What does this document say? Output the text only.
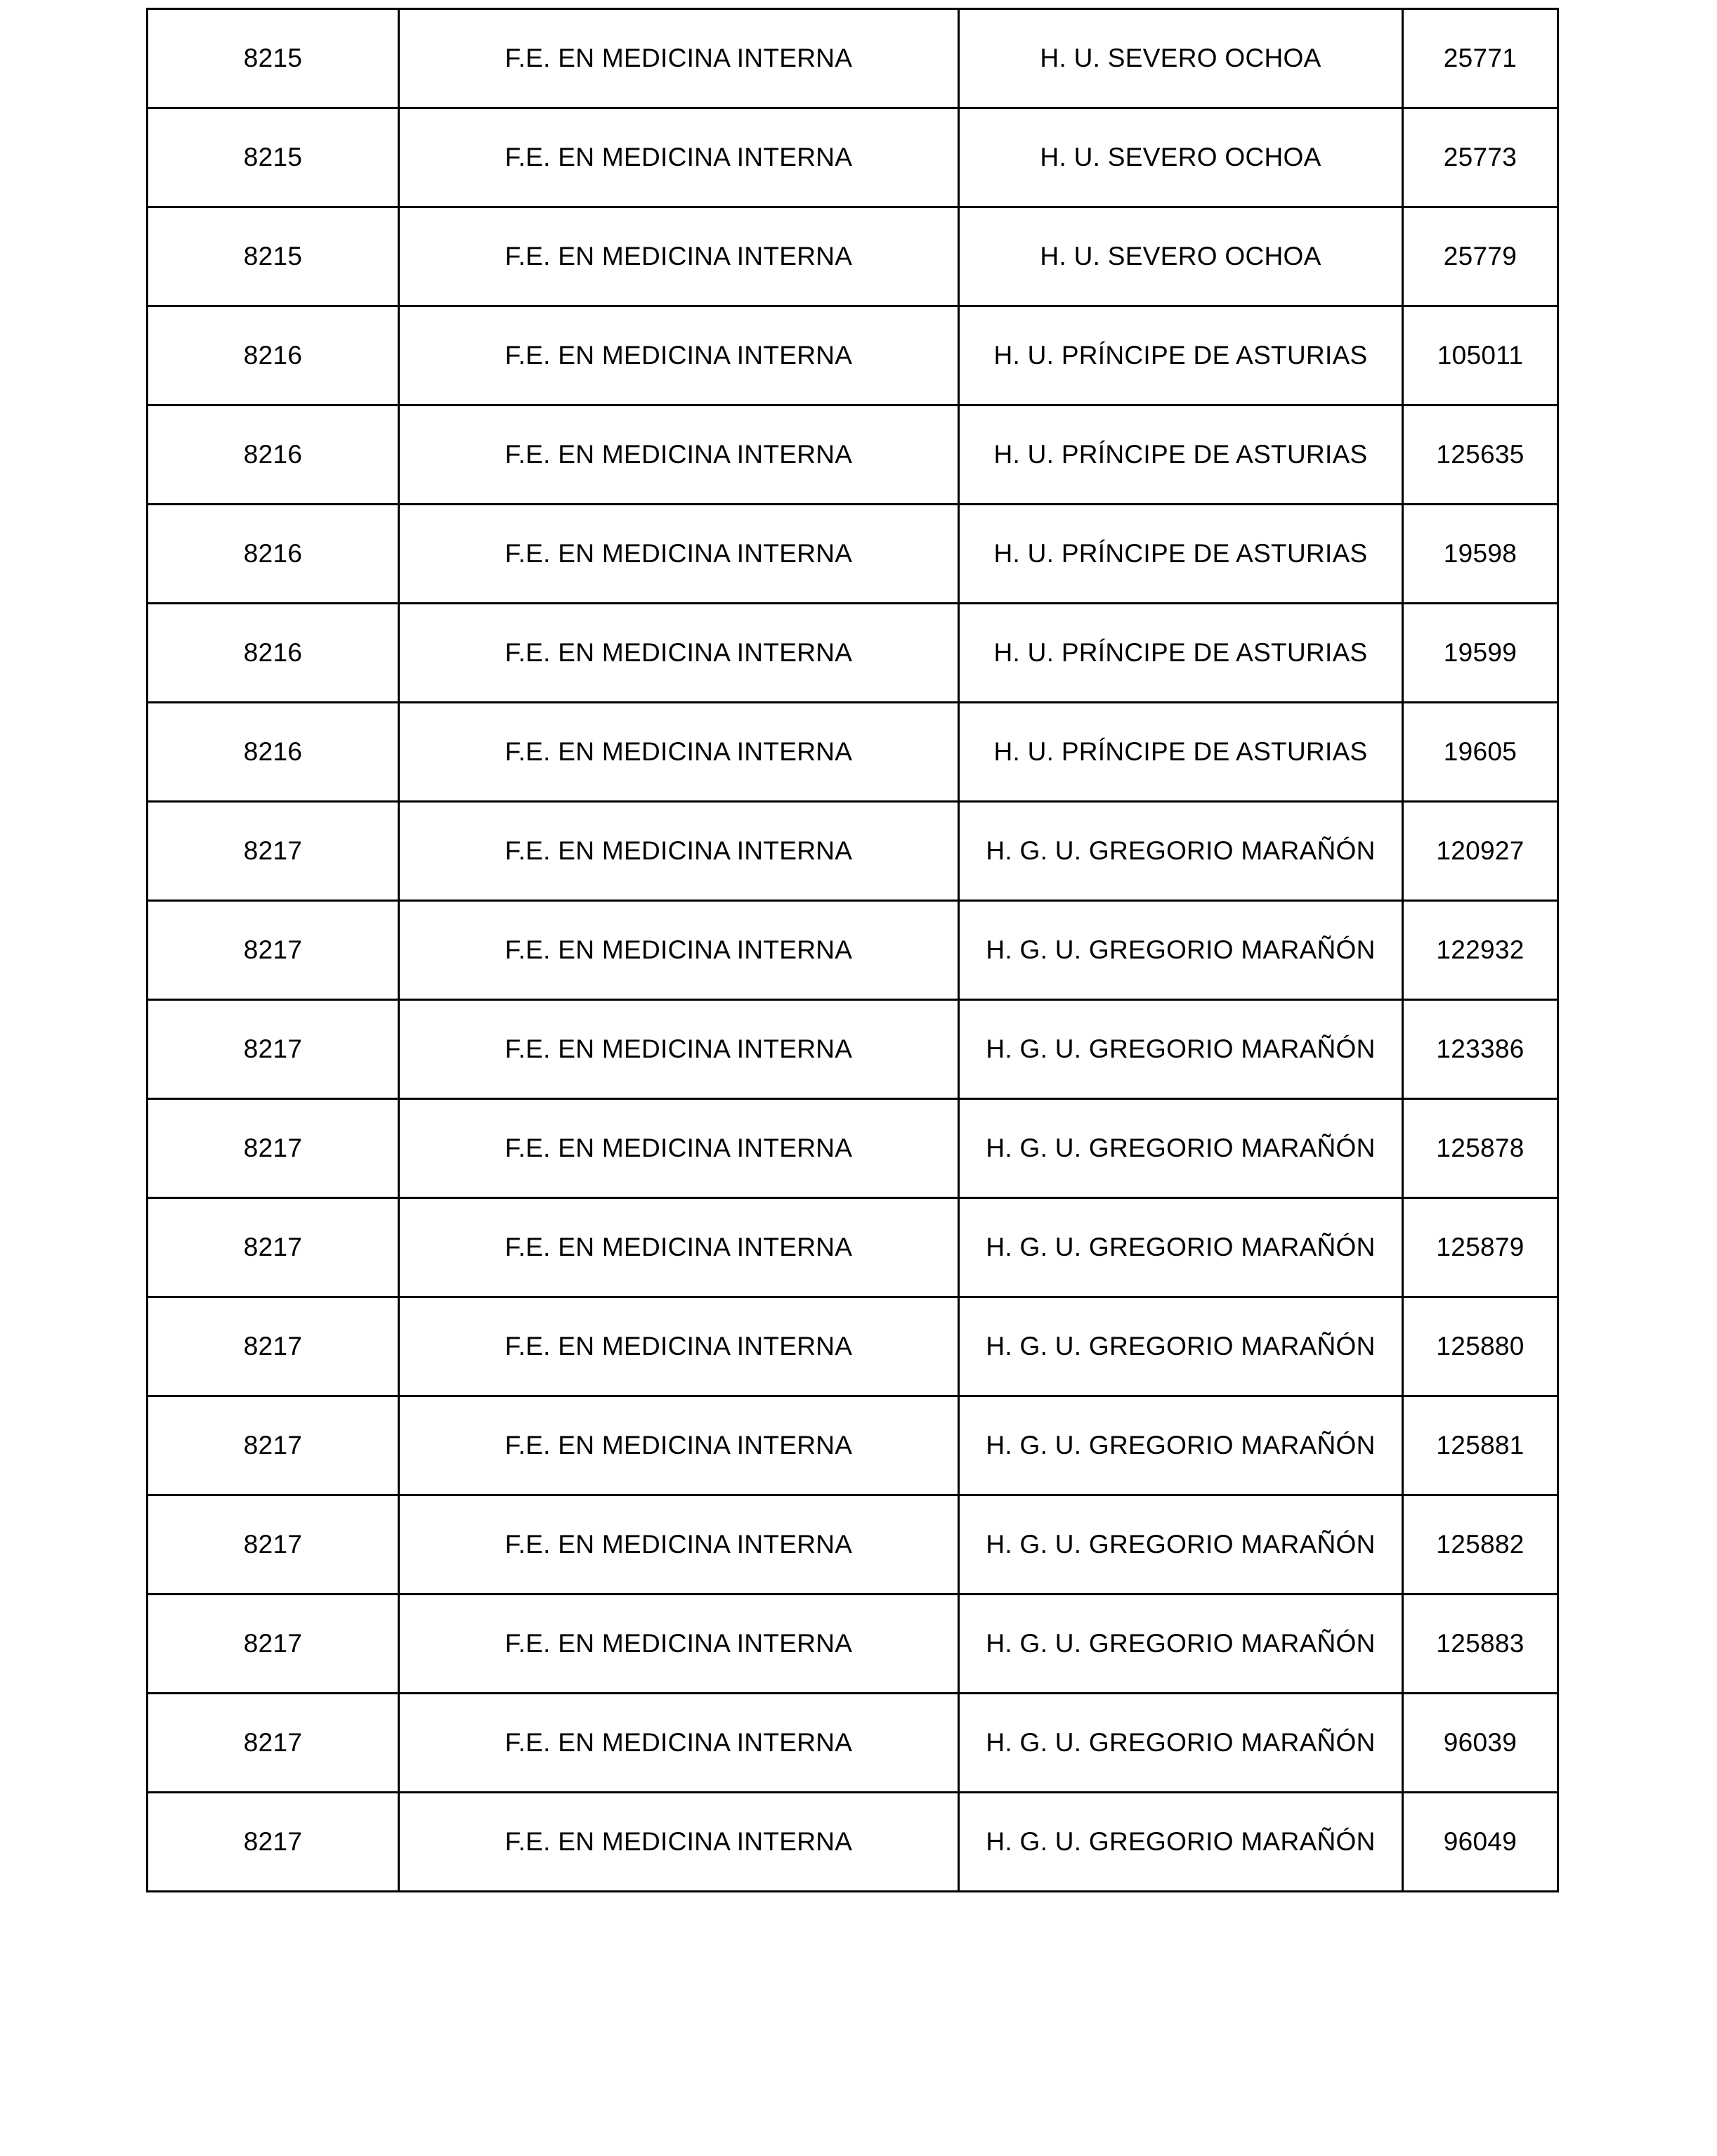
8215	F.E. EN MEDICINA INTERNA	H. U. SEVERO OCHOA	25771
8215	F.E. EN MEDICINA INTERNA	H. U. SEVERO OCHOA	25773
8215	F.E. EN MEDICINA INTERNA	H. U. SEVERO OCHOA	25779
8216	F.E. EN MEDICINA INTERNA	H. U. PRÍNCIPE DE ASTURIAS	105011
8216	F.E. EN MEDICINA INTERNA	H. U. PRÍNCIPE DE ASTURIAS	125635
8216	F.E. EN MEDICINA INTERNA	H. U. PRÍNCIPE DE ASTURIAS	19598
8216	F.E. EN MEDICINA INTERNA	H. U. PRÍNCIPE DE ASTURIAS	19599
8216	F.E. EN MEDICINA INTERNA	H. U. PRÍNCIPE DE ASTURIAS	19605
8217	F.E. EN MEDICINA INTERNA	H. G. U. GREGORIO MARAÑÓN	120927
8217	F.E. EN MEDICINA INTERNA	H. G. U. GREGORIO MARAÑÓN	122932
8217	F.E. EN MEDICINA INTERNA	H. G. U. GREGORIO MARAÑÓN	123386
8217	F.E. EN MEDICINA INTERNA	H. G. U. GREGORIO MARAÑÓN	125878
8217	F.E. EN MEDICINA INTERNA	H. G. U. GREGORIO MARAÑÓN	125879
8217	F.E. EN MEDICINA INTERNA	H. G. U. GREGORIO MARAÑÓN	125880
8217	F.E. EN MEDICINA INTERNA	H. G. U. GREGORIO MARAÑÓN	125881
8217	F.E. EN MEDICINA INTERNA	H. G. U. GREGORIO MARAÑÓN	125882
8217	F.E. EN MEDICINA INTERNA	H. G. U. GREGORIO MARAÑÓN	125883
8217	F.E. EN MEDICINA INTERNA	H. G. U. GREGORIO MARAÑÓN	96039
8217	F.E. EN MEDICINA INTERNA	H. G. U. GREGORIO MARAÑÓN	96049
